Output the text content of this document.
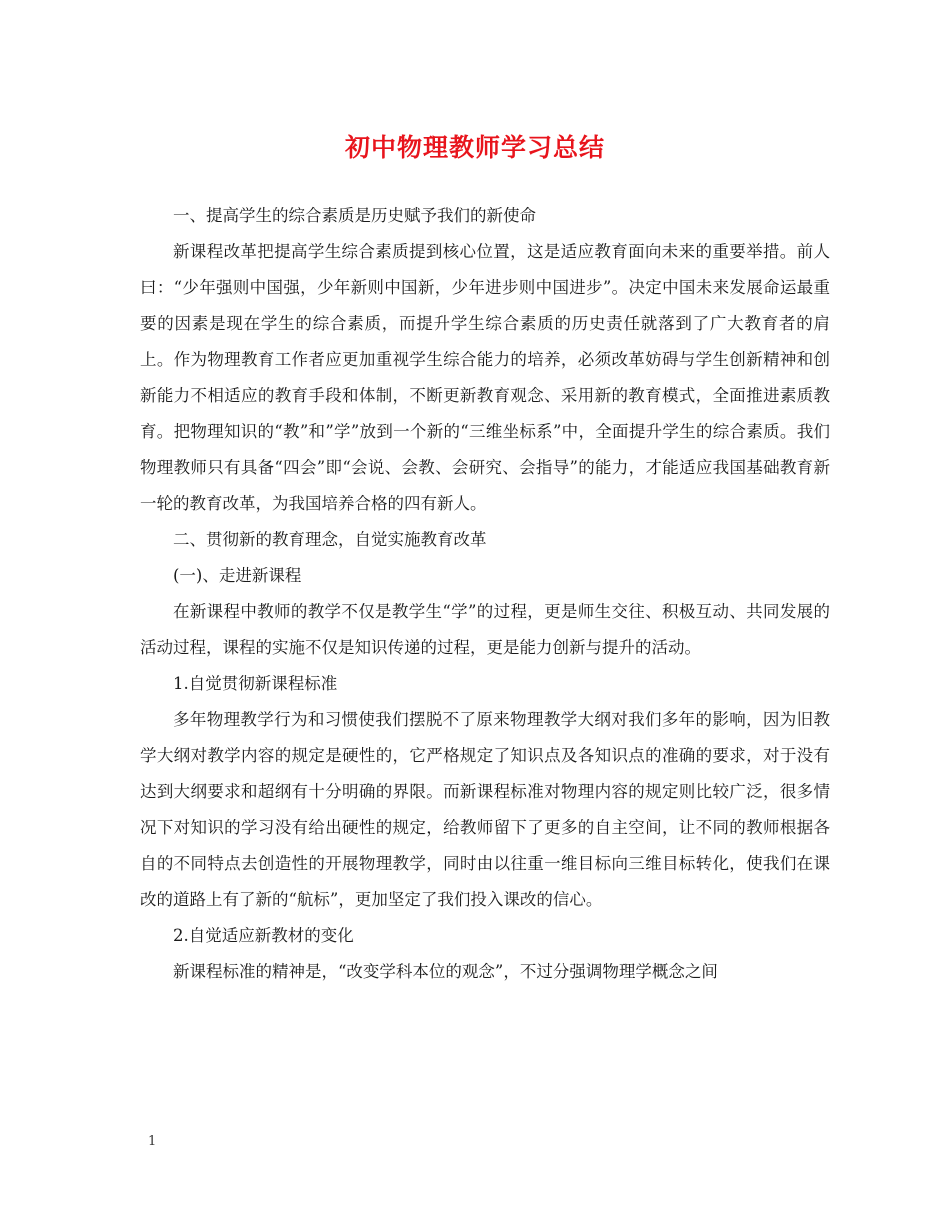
初中物理教师学习总结

一、提高学生的综合素质是历史赋予我们的新使命

新课程改革把提高学生综合素质提到核心位置，这是适应教育面向未来的重要举措。前人曰：“少年强则中国强，少年新则中国新，少年进步则中国进步”。决定中国未来发展命运最重要的因素是现在学生的综合素质，而提升学生综合素质的历史责任就落到了广大教育者的肩上。作为物理教育工作者应更加重视学生综合能力的培养，必须改革妨碍与学生创新精神和创新能力不相适应的教育手段和体制，不断更新教育观念、采用新的教育模式，全面推进素质教育。把物理知识的“教”和”学”放到一个新的“三维坐标系”中，全面提升学生的综合素质。我们物理教师只有具备“四会”即“会说、会教、会研究、会指导”的能力，才能适应我国基础教育新一轮的教育改革，为我国培养合格的四有新人。

二、贯彻新的教育理念，自觉实施教育改革

(一)、走进新课程

在新课程中教师的教学不仅是教学生“学”的过程，更是师生交往、积极互动、共同发展的活动过程，课程的实施不仅是知识传递的过程，更是能力创新与提升的活动。

1.自觉贯彻新课程标准

多年物理教学行为和习惯使我们摆脱不了原来物理教学大纲对我们多年的影响，因为旧教学大纲对教学内容的规定是硬性的，它严格规定了知识点及各知识点的准确的要求，对于没有达到大纲要求和超纲有十分明确的界限。而新课程标准对物理内容的规定则比较广泛，很多情况下对知识的学习没有给出硬性的规定，给教师留下了更多的自主空间，让不同的教师根据各自的不同特点去创造性的开展物理教学，同时由以往重一维目标向三维目标转化，使我们在课改的道路上有了新的“航标”，更加坚定了我们投入课改的信心。

2.自觉适应新教材的变化

新课程标准的精神是，“改变学科本位的观念”，不过分强调物理学概念之间

1
